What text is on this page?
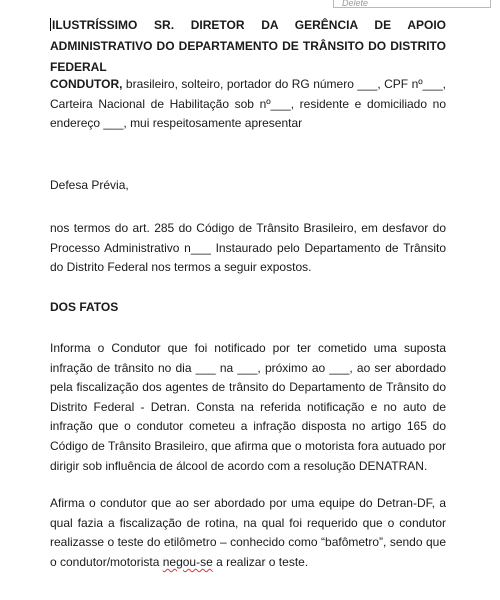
Delete

ILUSTRÍSSIMO SR. DIRETOR DA GERÊNCIA DE APOIO ADMINISTRATIVO DO DEPARTAMENTO DE TRÂNSITO DO DISTRITO FEDERAL

CONDUTOR, brasileiro, solteiro, portador do RG número ___, CPF nº___, Carteira Nacional de Habilitação sob nº___, residente e domiciliado no endereço ___, mui respeitosamente apresentar

Defesa Prévia,

nos termos do art. 285 do Código de Trânsito Brasileiro, em desfavor do Processo Administrativo n___ Instaurado pelo Departamento de Trânsito do Distrito Federal nos termos a seguir expostos.

DOS FATOS

Informa o Condutor que foi notificado por ter cometido uma suposta infração de trânsito no dia ___ na ___, próximo ao ___, ao ser abordado pela fiscalização dos agentes de trânsito do Departamento de Trânsito do Distrito Federal - Detran. Consta na referida notificação e no auto de infração que o condutor cometeu a infração disposta no artigo 165 do Código de Trânsito Brasileiro, que afirma que o motorista fora autuado por dirigir sob influência de álcool de acordo com a resolução DENATRAN.

Afirma o condutor que ao ser abordado por uma equipe do Detran-DF, a qual fazia a fiscalização de rotina, na qual foi requerido que o condutor realizasse o teste do etilômetro – conhecido como “bafômetro”, sendo que o condutor/motorista negou-se a realizar o teste.
